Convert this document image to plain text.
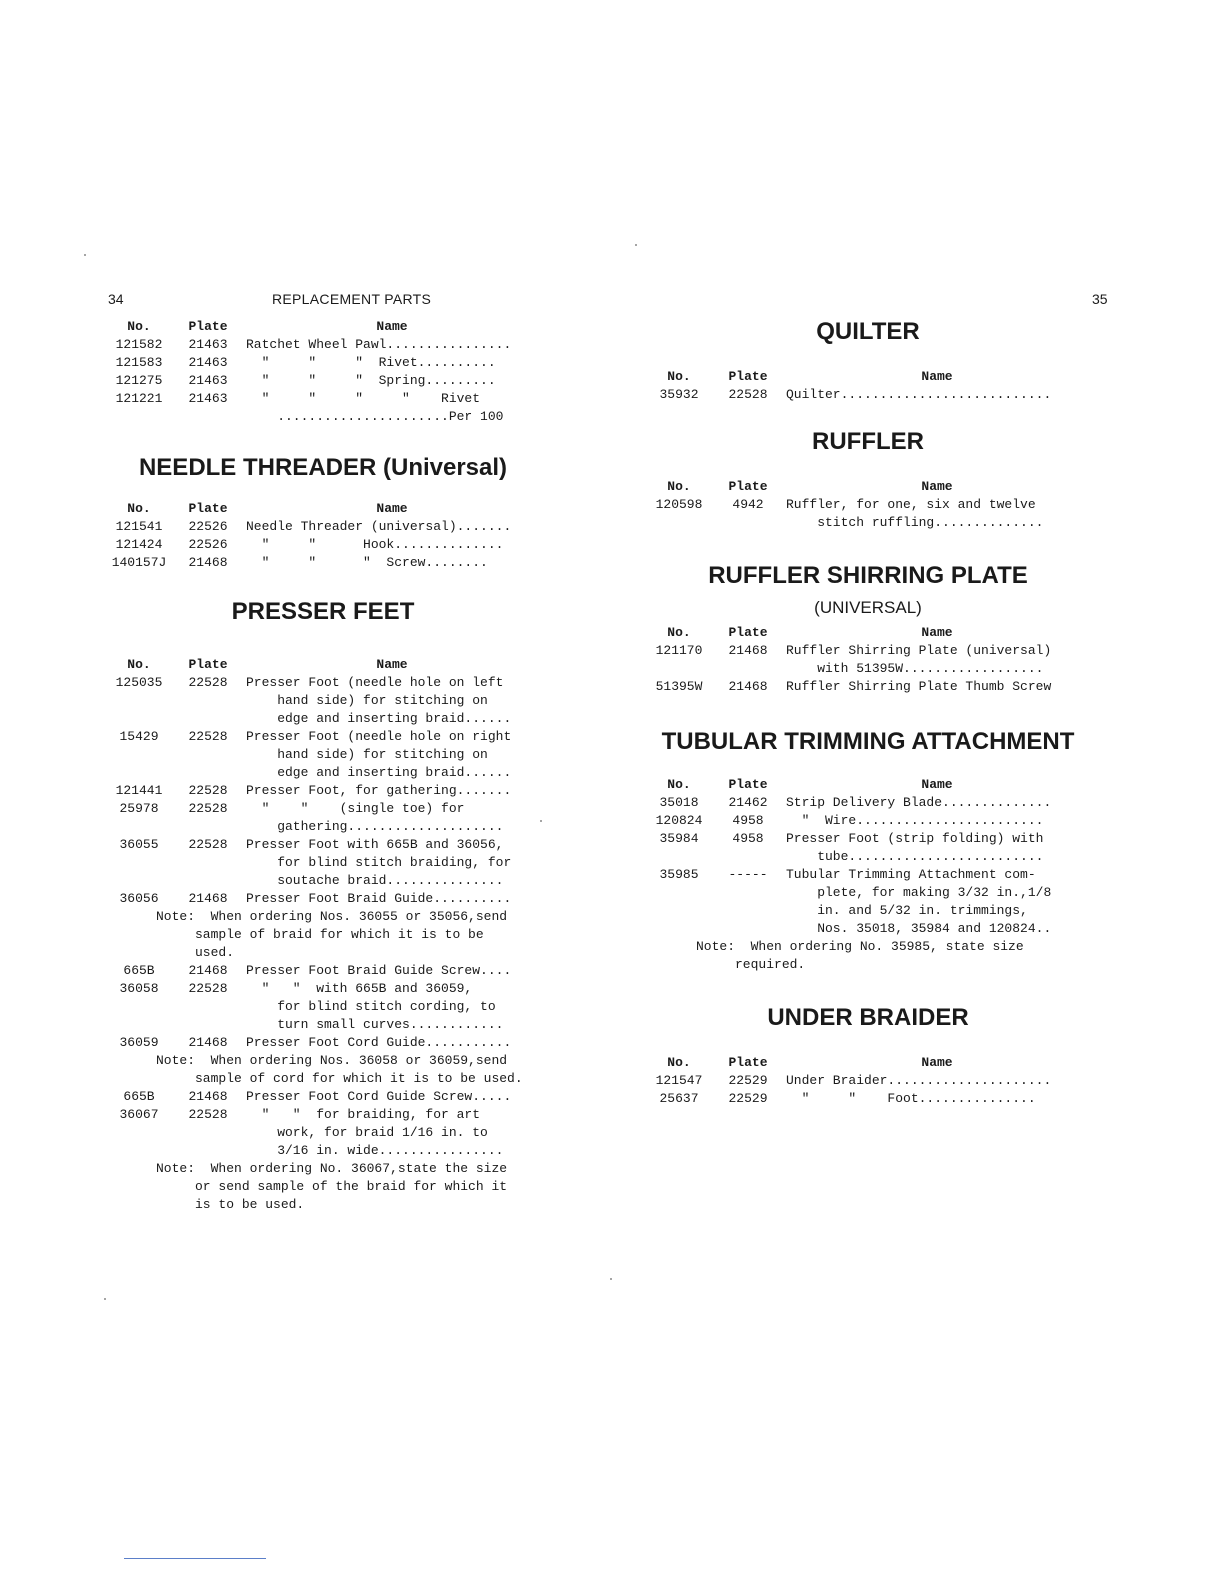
34	REPLACEMENT PARTS	35
No.	Plate	Name
121582	21463	Ratchet Wheel Pawl................
121583	21463	"     "     "  Rivet..........
121275	21463	"     "     "  Spring.........
121221	21463	"     "     "     "    Rivet
......................Per 100
NEEDLE THREADER (Universal)
No.	Plate	Name
121541	22526	Needle Threader (universal).......
121424	22526	"     "      Hook..............
140157J	21468	"     "      "  Screw........
PRESSER FEET
No.	Plate	Name
125035	22528	Presser Foot (needle hole on left
hand side) for stitching on
edge and inserting braid......
15429	22528	Presser Foot (needle hole on right
hand side) for stitching on
edge and inserting braid......
121441	22528	Presser Foot, for gathering.......
25978	22528	"    "    (single toe) for
gathering....................
36055	22528	Presser Foot with 665B and 36056,
for blind stitch braiding, for
soutache braid...............
36056	21468	Presser Foot Braid Guide..........
Note:  When ordering Nos. 36055 or 35056,send
sample of braid for which it is to be
used.
665B	21468	Presser Foot Braid Guide Screw....
36058	22528	"   "  with 665B and 36059,
for blind stitch cording, to
turn small curves............
36059	21468	Presser Foot Cord Guide...........
Note:  When ordering Nos. 36058 or 36059,send
sample of cord for which it is to be used.
665B	21468	Presser Foot Cord Guide Screw.....
36067	22528	"   "  for braiding, for art
work, for braid 1/16 in. to
3/16 in. wide................
Note:  When ordering No. 36067,state the size
or send sample of the braid for which it
is to be used.
QUILTER
No.	Plate	Name
35932	22528	Quilter...........................
RUFFLER
No.	Plate	Name
120598	4942	Ruffler, for one, six and twelve
stitch ruffling..............
RUFFLER SHIRRING PLATE
(UNIVERSAL)
No.	Plate	Name
121170	21468	Ruffler Shirring Plate (universal)
with 51395W..................
51395W	21468	Ruffler Shirring Plate Thumb Screw
TUBULAR TRIMMING ATTACHMENT
No.	Plate	Name
35018	21462	Strip Delivery Blade..............
120824	4958	"  Wire........................
35984	4958	Presser Foot (strip folding) with
tube.........................
35985	-----	Tubular Trimming Attachment com-
plete, for making 3/32 in.,1/8
in. and 5/32 in. trimmings,
Nos. 35018, 35984 and 120824..
Note:  When ordering No. 35985, state size
required.
UNDER BRAIDER
No.	Plate	Name
121547	22529	Under Braider.....................
25637	22529	"     "    Foot...............
